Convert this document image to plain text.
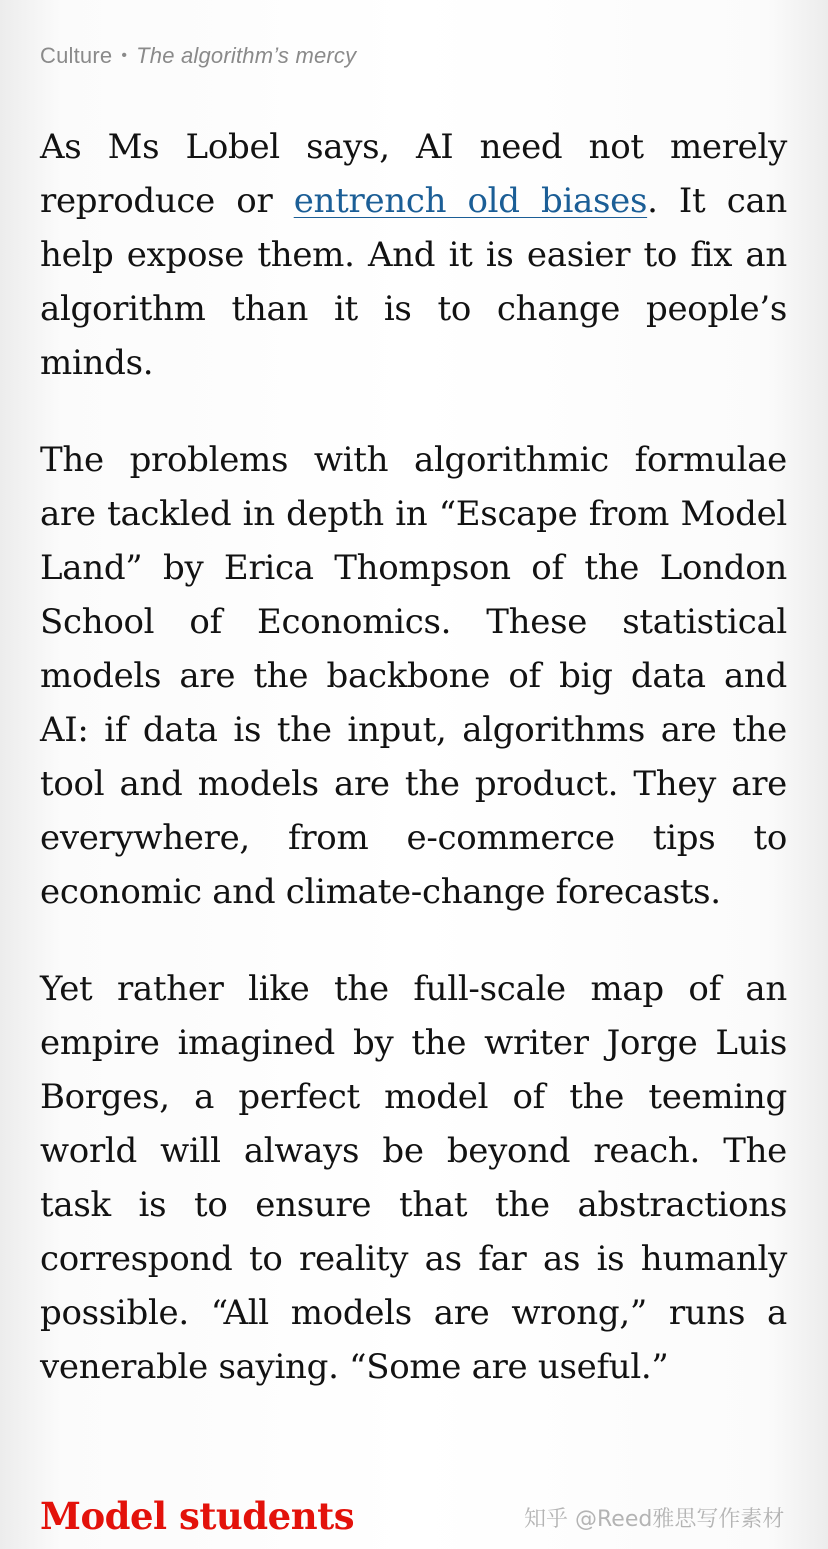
Culture • The algorithm’s mercy

As Ms Lobel says, AI need not merely reproduce or entrench old biases. It can help expose them. And it is easier to fix an algorithm than it is to change people’s minds.

The problems with algorithmic formulae are tackled in depth in “Escape from Model Land” by Erica Thompson of the London School of Economics. These statistical models are the backbone of big data and AI: if data is the input, algorithms are the tool and models are the product. They are everywhere, from e-commerce tips to economic and climate-change forecasts.

Yet rather like the full-scale map of an empire imagined by the writer Jorge Luis Borges, a perfect model of the teeming world will always be beyond reach. The task is to ensure that the abstractions correspond to reality as far as is humanly possible. “All models are wrong,” runs a venerable saying. “Some are useful.”

Model students	知乎 @Reed雅思写作素材
